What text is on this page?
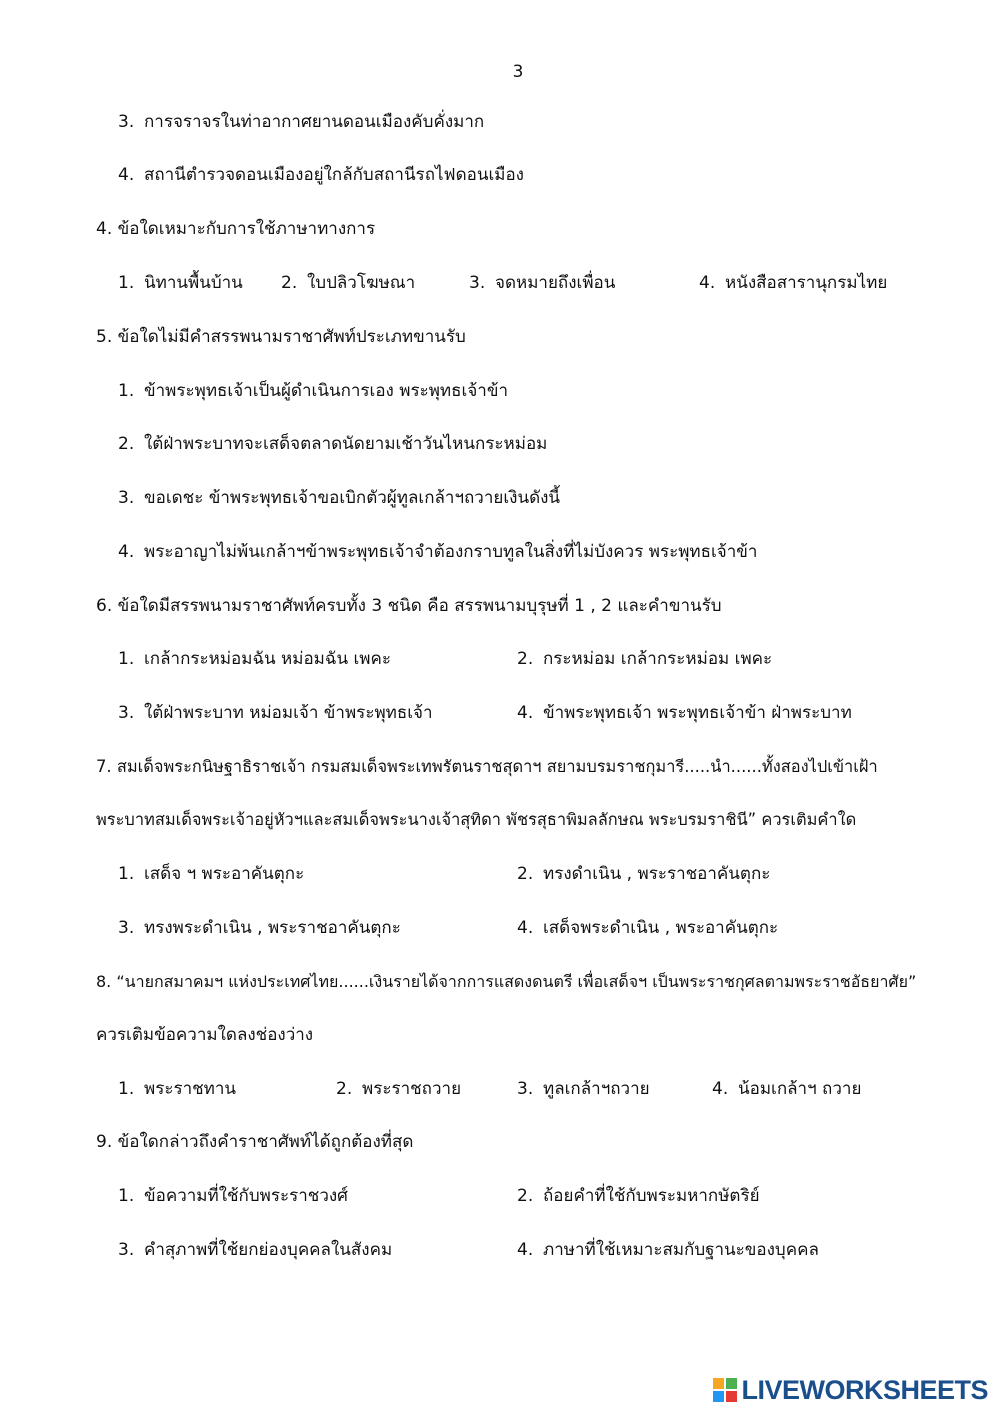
3
3. การจราจรในท่าอากาศยานดอนเมืองคับคั่งมาก
4. สถานีตำรวจดอนเมืองอยู่ใกล้กับสถานีรถไฟดอนเมือง
4. ข้อใดเหมาะกับการใช้ภาษาทางการ
1. นิทานพื้นบ้าน 2. ใบปลิวโฆษณา	3. จดหมายถึงเพื่อน	4. หนังสือสารานุกรมไทย
5. ข้อใดไม่มีคำสรรพนามราชาศัพท์ประเภทขานรับ
1. ข้าพระพุทธเจ้าเป็นผู้ดำเนินการเอง พระพุทธเจ้าข้า
2. ใต้ฝ่าพระบาทจะเสด็จตลาดนัดยามเช้าวันไหนกระหม่อม
3. ขอเดชะ ข้าพระพุทธเจ้าขอเบิกตัวผู้ทูลเกล้าฯถวายเงินดังนี้
4. พระอาญาไม่พ้นเกล้าฯข้าพระพุทธเจ้าจำต้องกราบทูลในสิ่งที่ไม่บังควร พระพุทธเจ้าข้า
6. ข้อใดมีสรรพนามราชาศัพท์ครบทั้ง 3 ชนิด คือ สรรพนามบุรุษที่ 1 , 2 และคำขานรับ
1. เกล้ากระหม่อมฉัน หม่อมฉัน เพคะ	2. กระหม่อม เกล้ากระหม่อม เพคะ
3. ใต้ฝ่าพระบาท หม่อมเจ้า ข้าพระพุทธเจ้า	4. ข้าพระพุทธเจ้า พระพุทธเจ้าข้า ฝ่าพระบาท
7. สมเด็จพระกนิษฐาธิราชเจ้า กรมสมเด็จพระเทพรัตนราชสุดาฯ สยามบรมราชกุมารี.....นำ......ทั้งสองไปเข้าเฝ้า
พระบาทสมเด็จพระเจ้าอยู่หัวฯและสมเด็จพระนางเจ้าสุทิดา พัชรสุธาพิมลลักษณ พระบรมราชินี” ควรเติมคำใด
1. เสด็จ ฯ พระอาคันตุกะ	2. ทรงดำเนิน , พระราชอาคันตุกะ
3. ทรงพระดำเนิน , พระราชอาคันตุกะ	4. เสด็จพระดำเนิน , พระอาคันตุกะ
8. “นายกสมาคมฯ แห่งประเทศไทย......เงินรายได้จากการแสดงดนตรี เพื่อเสด็จฯ เป็นพระราชกุศลตามพระราชอัธยาศัย”
ควรเติมข้อความใดลงช่องว่าง
1. พระราชทาน	2. พระราชถวาย	3. ทูลเกล้าฯถวาย	4. น้อมเกล้าฯ ถวาย
9. ข้อใดกล่าวถึงคำราชาศัพท์ได้ถูกต้องที่สุด
1. ข้อความที่ใช้กับพระราชวงศ์	2. ถ้อยคำที่ใช้กับพระมหากษัตริย์
3. คำสุภาพที่ใช้ยกย่องบุคคลในสังคม	4. ภาษาที่ใช้เหมาะสมกับฐานะของบุคคล
LIVEWORKSHEETS
